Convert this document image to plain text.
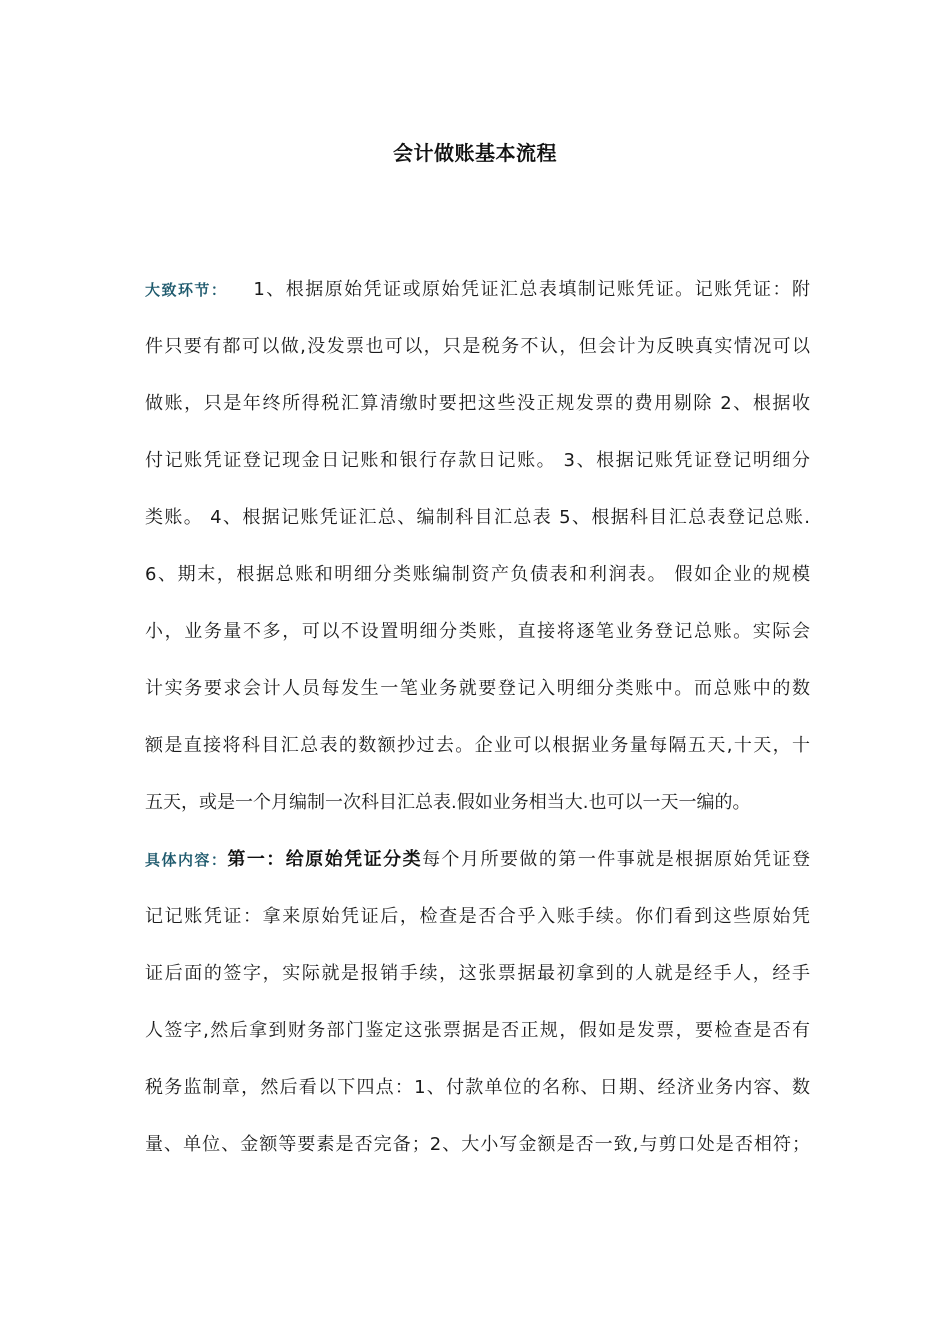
会计做账基本流程
大致环节： 1、根据原始凭证或原始凭证汇总表填制记账凭证。记账凭证：附
件只要有都可以做,没发票也可以，只是税务不认，但会计为反映真实情况可以
做账，只是年终所得税汇算清缴时要把这些没正规发票的费用剔除 2、根据收
付记账凭证登记现金日记账和银行存款日记账。 3、根据记账凭证登记明细分
类账。 4、根据记账凭证汇总、编制科目汇总表 5、根据科目汇总表登记总账.
6、期末，根据总账和明细分类账编制资产负债表和利润表。 假如企业的规模
小，业务量不多，可以不设置明细分类账，直接将逐笔业务登记总账。实际会
计实务要求会计人员每发生一笔业务就要登记入明细分类账中。而总账中的数
额是直接将科目汇总表的数额抄过去。企业可以根据业务量每隔五天,十天，十
五天，或是一个月编制一次科目汇总表.假如业务相当大.也可以一天一编的。
具体内容：第一：给原始凭证分类每个月所要做的第一件事就是根据原始凭证登
记记账凭证：拿来原始凭证后，检查是否合乎入账手续。你们看到这些原始凭
证后面的签字，实际就是报销手续，这张票据最初拿到的人就是经手人，经手
人签字,然后拿到财务部门鉴定这张票据是否正规，假如是发票，要检查是否有
税务监制章，然后看以下四点：1、付款单位的名称、日期、经济业务内容、数
量、单位、金额等要素是否完备；2、大小写金额是否一致,与剪口处是否相符；
